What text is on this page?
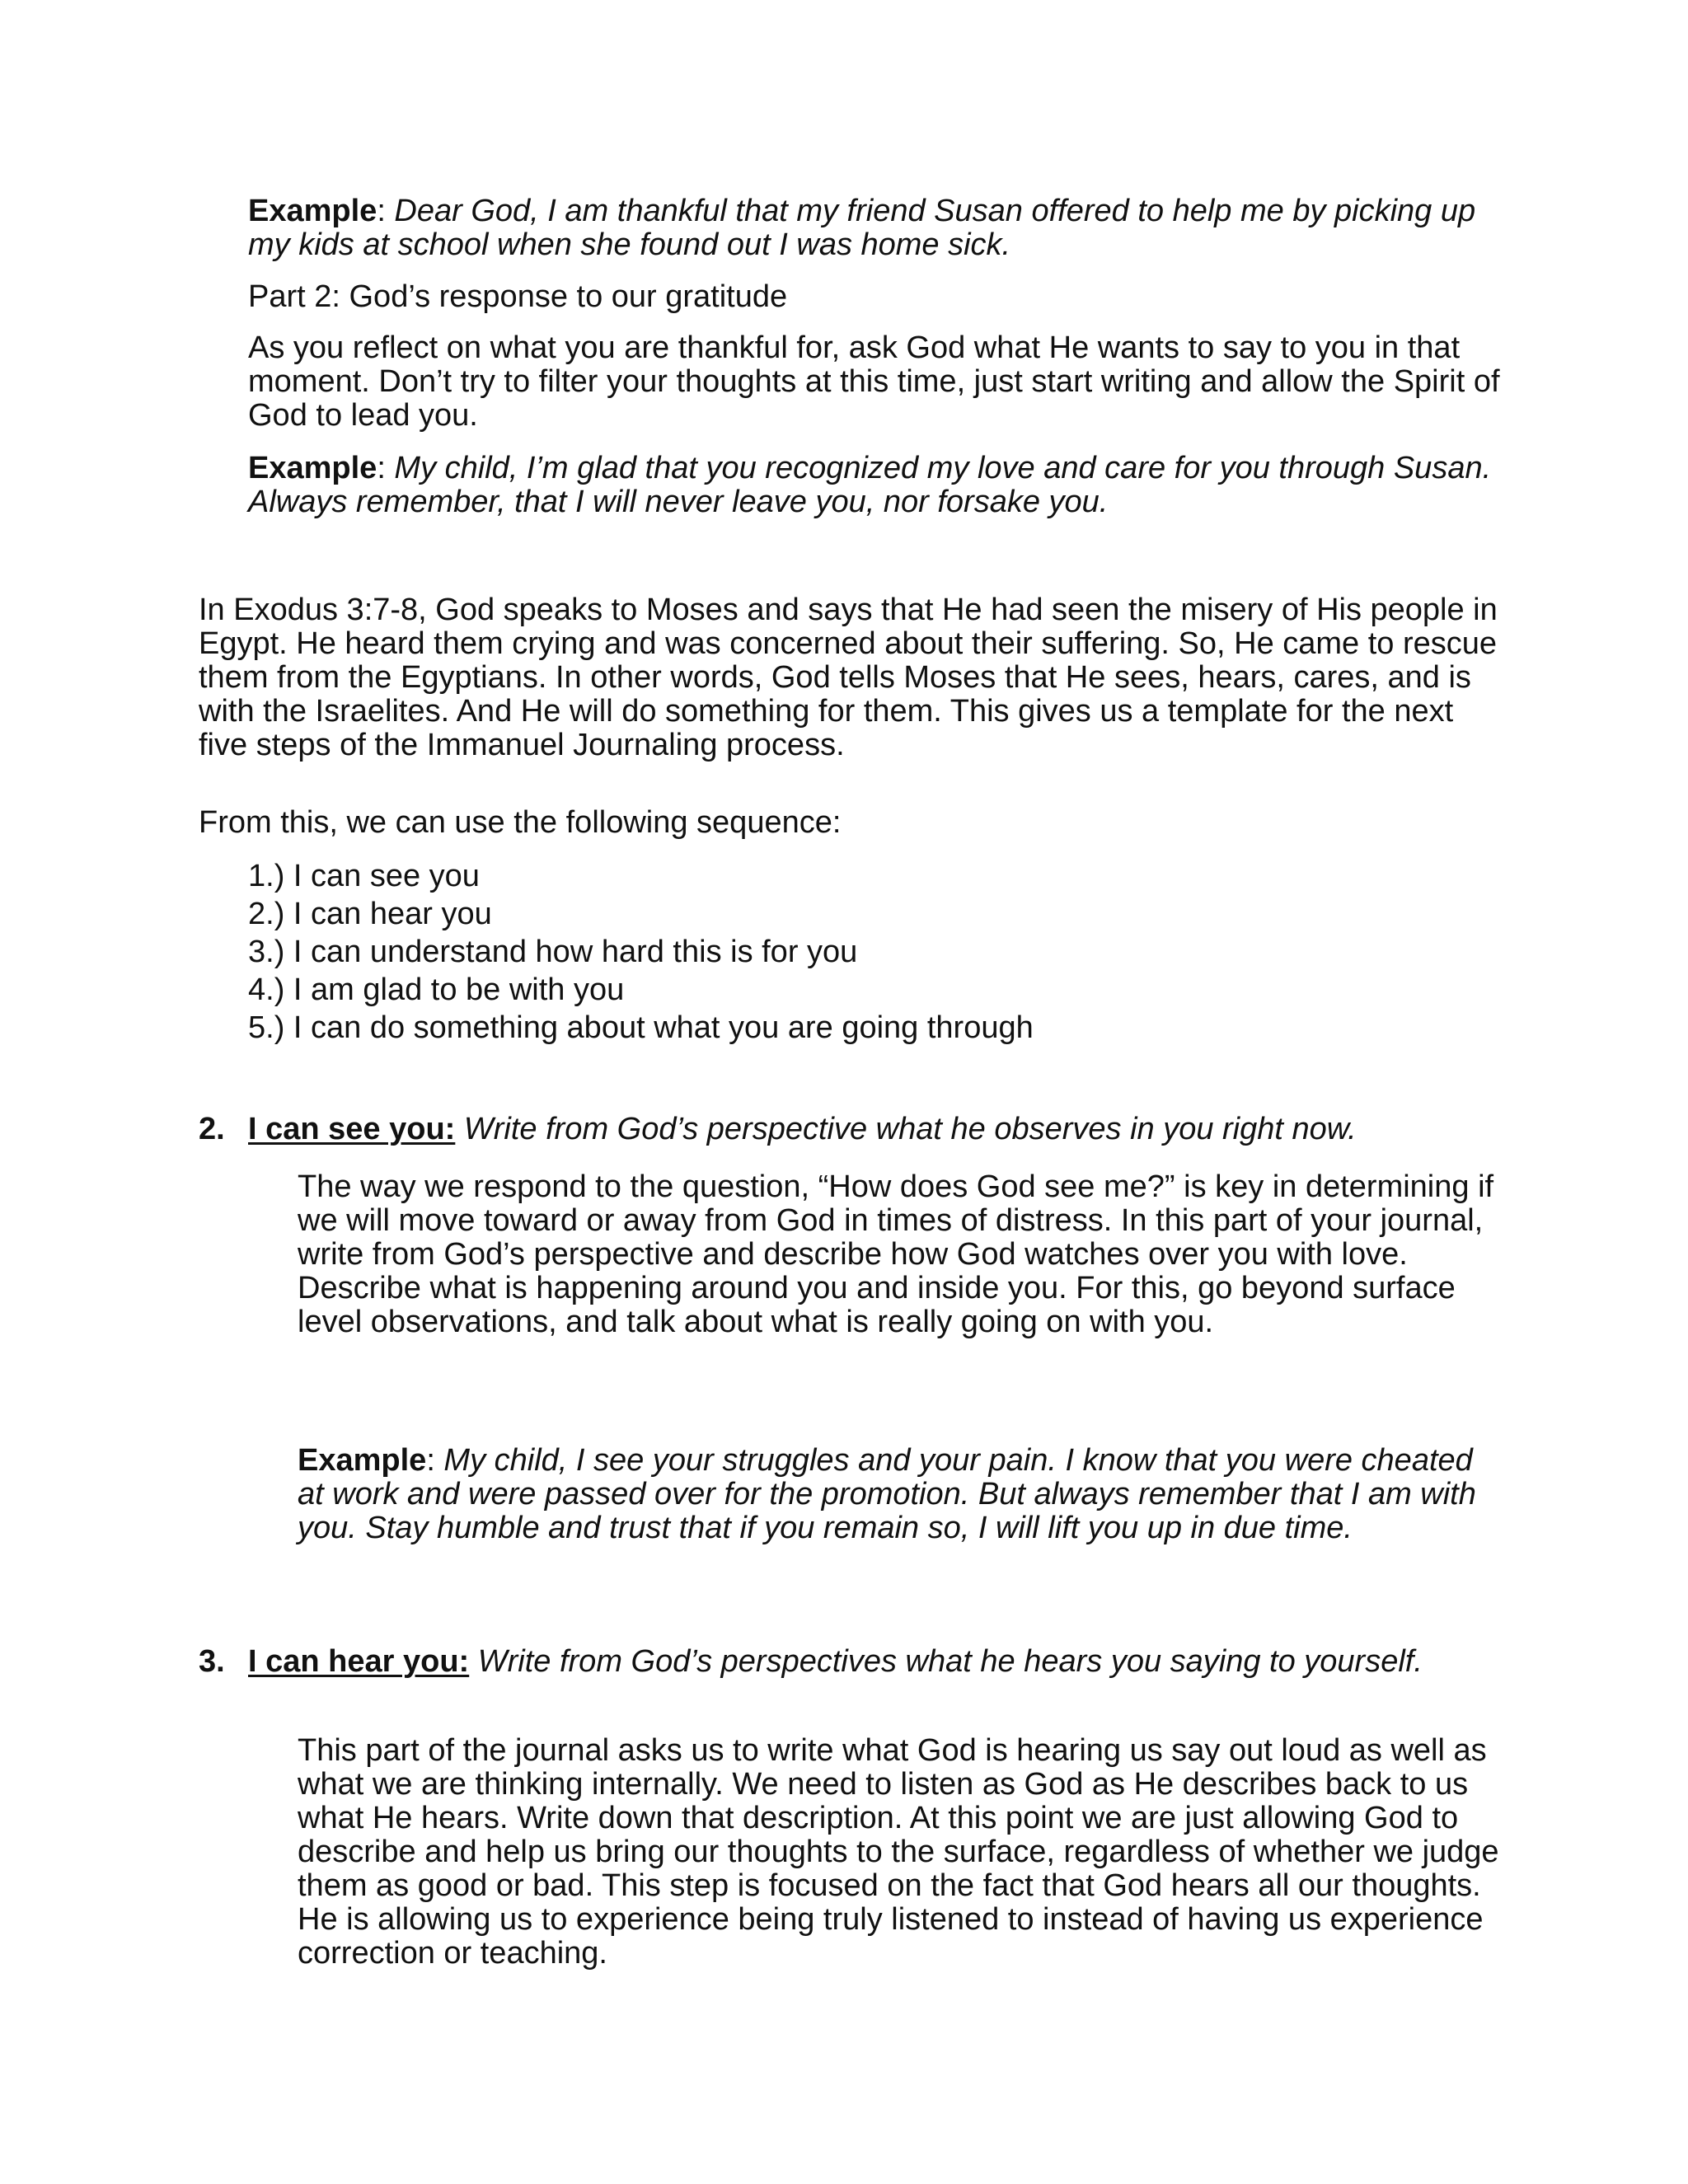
Example: Dear God, I am thankful that my friend Susan offered to help me by picking up my kids at school when she found out I was home sick.

Part 2: God’s response to our gratitude

As you reflect on what you are thankful for, ask God what He wants to say to you in that moment. Don’t try to filter your thoughts at this time, just start writing and allow the Spirit of God to lead you.

Example: My child, I’m glad that you recognized my love and care for you through Susan. Always remember, that I will never leave you, nor forsake you.

In Exodus 3:7-8, God speaks to Moses and says that He had seen the misery of His people in Egypt. He heard them crying and was concerned about their suffering. So, He came to rescue them from the Egyptians. In other words, God tells Moses that He sees, hears, cares, and is with the Israelites. And He will do something for them. This gives us a template for the next five steps of the Immanuel Journaling process.

From this, we can use the following sequence:

1.) I can see you
2.) I can hear you
3.) I can understand how hard this is for you
4.) I am glad to be with you
5.) I can do something about what you are going through
2. I can see you: Write from God’s perspective what he observes in you right now.

The way we respond to the question, “How does God see me?” is key in determining if we will move toward or away from God in times of distress. In this part of your journal, write from God’s perspective and describe how God watches over you with love. Describe what is happening around you and inside you. For this, go beyond surface level observations, and talk about what is really going on with you.

Example: My child, I see your struggles and your pain. I know that you were cheated at work and were passed over for the promotion. But always remember that I am with you. Stay humble and trust that if you remain so, I will lift you up in due time.

3. I can hear you: Write from God’s perspectives what he hears you saying to yourself.

This part of the journal asks us to write what God is hearing us say out loud as well as what we are thinking internally. We need to listen as God as He describes back to us what He hears. Write down that description. At this point we are just allowing God to describe and help us bring our thoughts to the surface, regardless of whether we judge them as good or bad. This step is focused on the fact that God hears all our thoughts. He is allowing us to experience being truly listened to instead of having us experience correction or teaching.
